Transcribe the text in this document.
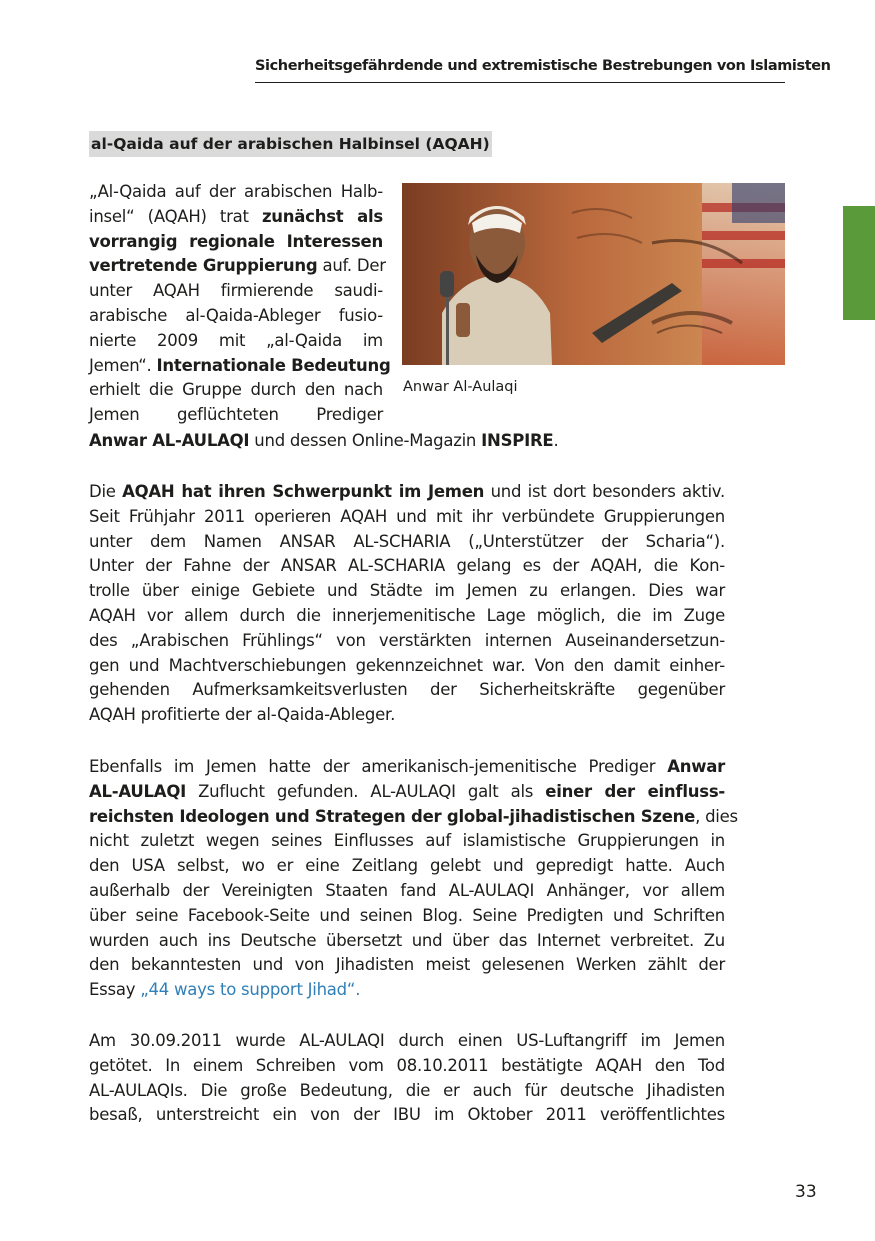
Sicherheitsgefährdende und extremistische Bestrebungen von Islamisten
al-Qaida auf der arabischen Halbinsel (AQAH)
„Al-Qaida auf der arabischen Halb-
insel“ (AQAH) trat zunächst als
vorrangig regionale Interessen
vertretende Gruppierung auf. Der
unter AQAH firmierende saudi-
arabische al-Qaida-Ableger fusio-
nierte 2009 mit „al-Qaida im
Jemen“. Internationale Bedeutung
erhielt die Gruppe durch den nach
Jemen geflüchteten Prediger
Anwar AL-AULAQI und dessen Online-Magazin INSPIRE.
Anwar Al-Aulaqi
Die AQAH hat ihren Schwerpunkt im Jemen und ist dort besonders aktiv.
Seit Frühjahr 2011 operieren AQAH und mit ihr verbündete Gruppierungen
unter dem Namen ANSAR AL-SCHARIA („Unterstützer der Scharia“).
Unter der Fahne der ANSAR AL-SCHARIA gelang es der AQAH, die Kon-
trolle über einige Gebiete und Städte im Jemen zu erlangen. Dies war
AQAH vor allem durch die innerjemenitische Lage möglich, die im Zuge
des „Arabischen Frühlings“ von verstärkten internen Auseinandersetzun-
gen und Machtverschiebungen gekennzeichnet war. Von den damit einher-
gehenden Aufmerksamkeitsverlusten der Sicherheitskräfte gegenüber
AQAH profitierte der al-Qaida-Ableger.
Ebenfalls im Jemen hatte der amerikanisch-jemenitische Prediger Anwar
AL-AULAQI Zuflucht gefunden. AL-AULAQI galt als einer der einfluss-
reichsten Ideologen und Strategen der global-jihadistischen Szene, dies
nicht zuletzt wegen seines Einflusses auf islamistische Gruppierungen in
den USA selbst, wo er eine Zeitlang gelebt und gepredigt hatte. Auch
außerhalb der Vereinigten Staaten fand AL-AULAQI Anhänger, vor allem
über seine Facebook-Seite und seinen Blog. Seine Predigten und Schriften
wurden auch ins Deutsche übersetzt und über das Internet verbreitet. Zu
den bekanntesten und von Jihadisten meist gelesenen Werken zählt der
Essay „44 ways to support Jihad“.
Am 30.09.2011 wurde AL-AULAQI durch einen US-Luftangriff im Jemen
getötet. In einem Schreiben vom 08.10.2011 bestätigte AQAH den Tod
AL-AULAQIs. Die große Bedeutung, die er auch für deutsche Jihadisten
besaß, unterstreicht ein von der IBU im Oktober 2011 veröffentlichtes
33
